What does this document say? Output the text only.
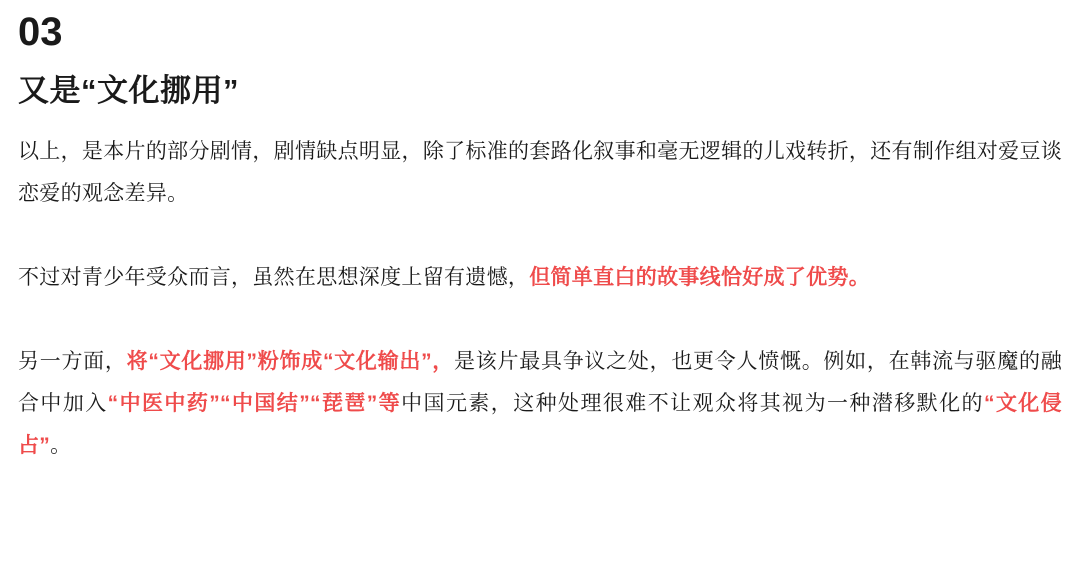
03
又是“文化挪用”

以上，是本片的部分剧情，剧情缺点明显，除了标准的套路化叙事和毫无逻辑的儿戏转折，还有制作组对爱豆谈恋爱的观念差异。

不过对青少年受众而言，虽然在思想深度上留有遗憾，但简单直白的故事线恰好成了优势。

另一方面，将“文化挪用”粉饰成“文化输出”，是该片最具争议之处，也更令人愤慨。例如，在韩流与驱魔的融合中加入“中医中药”“中国结”“琵琶”等中国元素，这种处理很难不让观众将其视为一种潜移默化的“文化侵占”。
